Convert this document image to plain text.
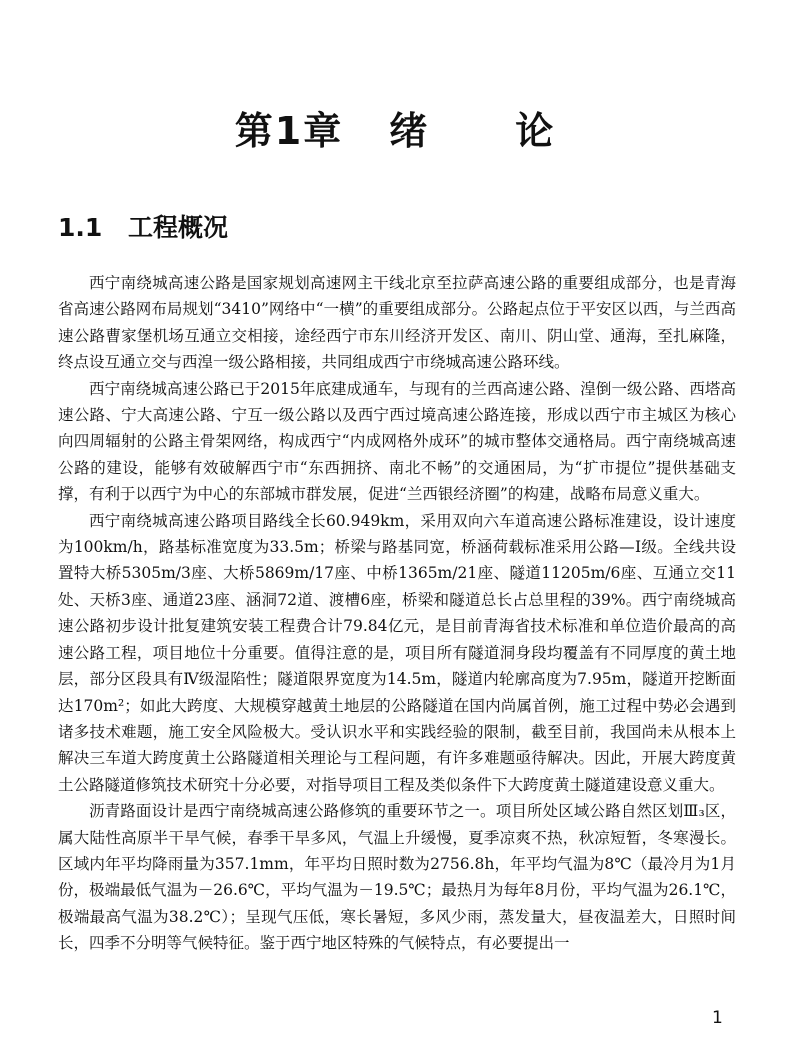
第1章 绪 论
1.1 工程概况

西宁南绕城高速公路是国家规划高速网主干线北京至拉萨高速公路的重要组成部分，也是青海省高速公路网布局规划“3410”网络中“一横”的重要组成部分。公路起点位于平安区以西，与兰西高速公路曹家堡机场互通立交相接，途经西宁市东川经济开发区、南川、阴山堂、通海，至扎麻隆，终点设互通立交与西湟一级公路相接，共同组成西宁市绕城高速公路环线。

西宁南绕城高速公路已于2015年底建成通车，与现有的兰西高速公路、湟倒一级公路、西塔高速公路、宁大高速公路、宁互一级公路以及西宁西过境高速公路连接，形成以西宁市主城区为核心向四周辐射的公路主骨架网络，构成西宁“内成网格外成环”的城市整体交通格局。西宁南绕城高速公路的建设，能够有效破解西宁市“东西拥挤、南北不畅”的交通困局，为“扩市提位”提供基础支撑，有利于以西宁为中心的东部城市群发展，促进“兰西银经济圈”的构建，战略布局意义重大。

西宁南绕城高速公路项目路线全长60.949km，采用双向六车道高速公路标准建设，设计速度为100km/h，路基标准宽度为33.5m；桥梁与路基同宽，桥涵荷载标准采用公路—Ⅰ级。全线共设置特大桥5305m/3座、大桥5869m/17座、中桥1365m/21座、隧道11205m/6座、互通立交11处、天桥3座、通道23座、涵洞72道、渡槽6座，桥梁和隧道总长占总里程的39%。西宁南绕城高速公路初步设计批复建筑安装工程费合计79.84亿元，是目前青海省技术标准和单位造价最高的高速公路工程，项目地位十分重要。值得注意的是，项目所有隧道洞身段均覆盖有不同厚度的黄土地层，部分区段具有Ⅳ级湿陷性；隧道限界宽度为14.5m，隧道内轮廓高度为7.95m，隧道开挖断面达170m²；如此大跨度、大规模穿越黄土地层的公路隧道在国内尚属首例，施工过程中势必会遇到诸多技术难题，施工安全风险极大。受认识水平和实践经验的限制，截至目前，我国尚未从根本上解决三车道大跨度黄土公路隧道相关理论与工程问题，有许多难题亟待解决。因此，开展大跨度黄土公路隧道修筑技术研究十分必要，对指导项目工程及类似条件下大跨度黄土隧道建设意义重大。

沥青路面设计是西宁南绕城高速公路修筑的重要环节之一。项目所处区域公路自然区划Ⅲ₃区，属大陆性高原半干旱气候，春季干旱多风，气温上升缓慢，夏季凉爽不热，秋凉短暂，冬寒漫长。区域内年平均降雨量为357.1mm，年平均日照时数为2756.8h，年平均气温为8℃（最冷月为1月份，极端最低气温为－26.6℃，平均气温为－19.5℃；最热月为每年8月份，平均气温为26.1℃，极端最高气温为38.2℃）；呈现气压低，寒长暑短，多风少雨，蒸发量大，昼夜温差大，日照时间长，四季不分明等气候特征。鉴于西宁地区特殊的气候特点，有必要提出一

1
